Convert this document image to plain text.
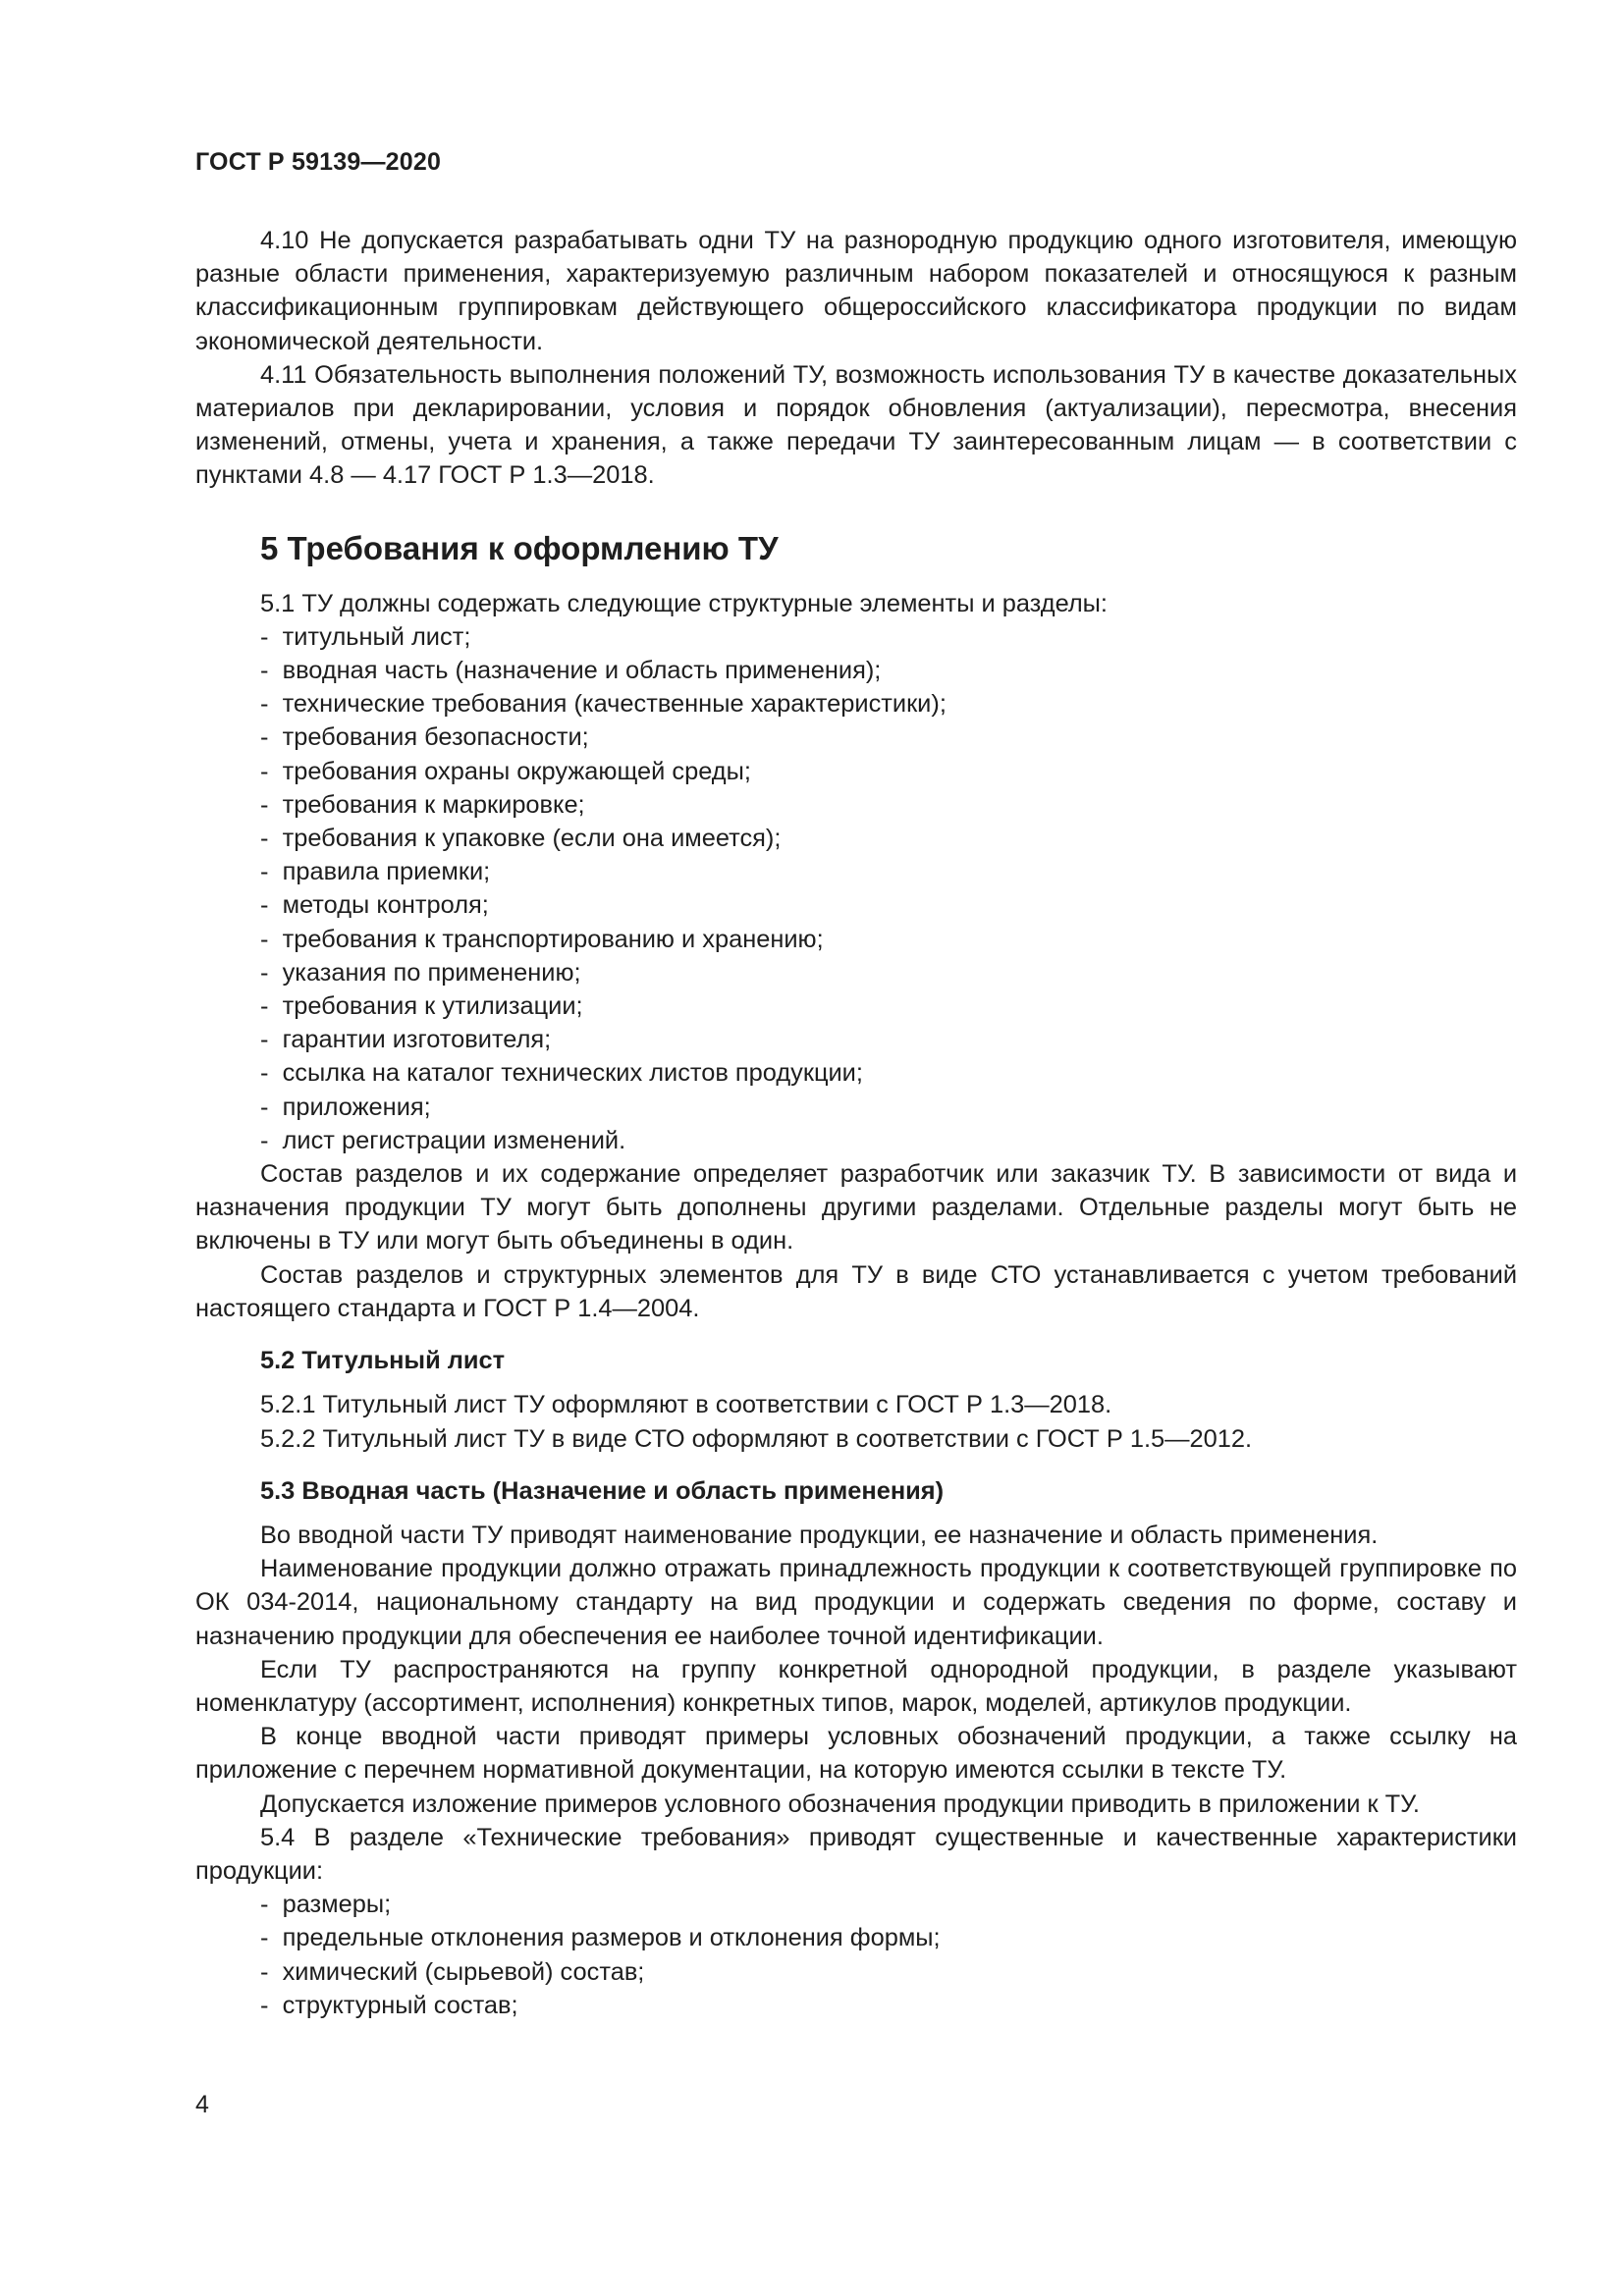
ГОСТ Р 59139—2020

4.10 Не допускается разрабатывать одни ТУ на разнородную продукцию одного изготовителя, имеющую разные области применения, характеризуемую различным набором показателей и относящуюся к разным классификационным группировкам действующего общероссийского классификатора продукции по видам экономической деятельности.

4.11 Обязательность выполнения положений ТУ, возможность использования ТУ в качестве доказательных материалов при декларировании, условия и порядок обновления (актуализации), пересмотра, внесения изменений, отмены, учета и хранения, а также передачи ТУ заинтересованным лицам — в соответствии с пунктами 4.8 — 4.17 ГОСТ Р 1.3—2018.

5 Требования к оформлению ТУ

5.1 ТУ должны содержать следующие структурные элементы и разделы:

-  титульный лист;
-  вводная часть (назначение и область применения);
-  технические требования (качественные характеристики);
-  требования безопасности;
-  требования охраны окружающей среды;
-  требования к маркировке;
-  требования к упаковке (если она имеется);
-  правила приемки;
-  методы контроля;
-  требования к транспортированию и хранению;
-  указания по применению;
-  требования к утилизации;
-  гарантии изготовителя;
-  ссылка на каталог технических листов продукции;
-  приложения;
-  лист регистрации изменений.

Состав разделов и их содержание определяет разработчик или заказчик ТУ. В зависимости от вида и назначения продукции ТУ могут быть дополнены другими разделами. Отдельные разделы могут быть не включены в ТУ или могут быть объединены в один.

Состав разделов и структурных элементов для ТУ в виде СТО устанавливается с учетом требований настоящего стандарта и ГОСТ Р 1.4—2004.

5.2 Титульный лист

5.2.1 Титульный лист ТУ оформляют в соответствии с ГОСТ Р 1.3—2018.

5.2.2 Титульный лист ТУ в виде СТО оформляют в соответствии с ГОСТ Р 1.5—2012.

5.3 Вводная часть (Назначение и область применения)

Во вводной части ТУ приводят наименование продукции, ее назначение и область применения.

Наименование продукции должно отражать принадлежность продукции к соответствующей группировке по ОК 034-2014, национальному стандарту на вид продукции и содержать сведения по форме, составу и назначению продукции для обеспечения ее наиболее точной идентификации.

Если ТУ распространяются на группу конкретной однородной продукции, в разделе указывают номенклатуру (ассортимент, исполнения) конкретных типов, марок, моделей, артикулов продукции.

В конце вводной части приводят примеры условных обозначений продукции, а также ссылку на приложение с перечнем нормативной документации, на которую имеются ссылки в тексте ТУ.

Допускается изложение примеров условного обозначения продукции приводить в приложении к ТУ.

5.4 В разделе «Технические требования» приводят существенные и качественные характеристики продукции:

-  размеры;
-  предельные отклонения размеров и отклонения формы;
-  химический (сырьевой) состав;
-  структурный состав;
4
